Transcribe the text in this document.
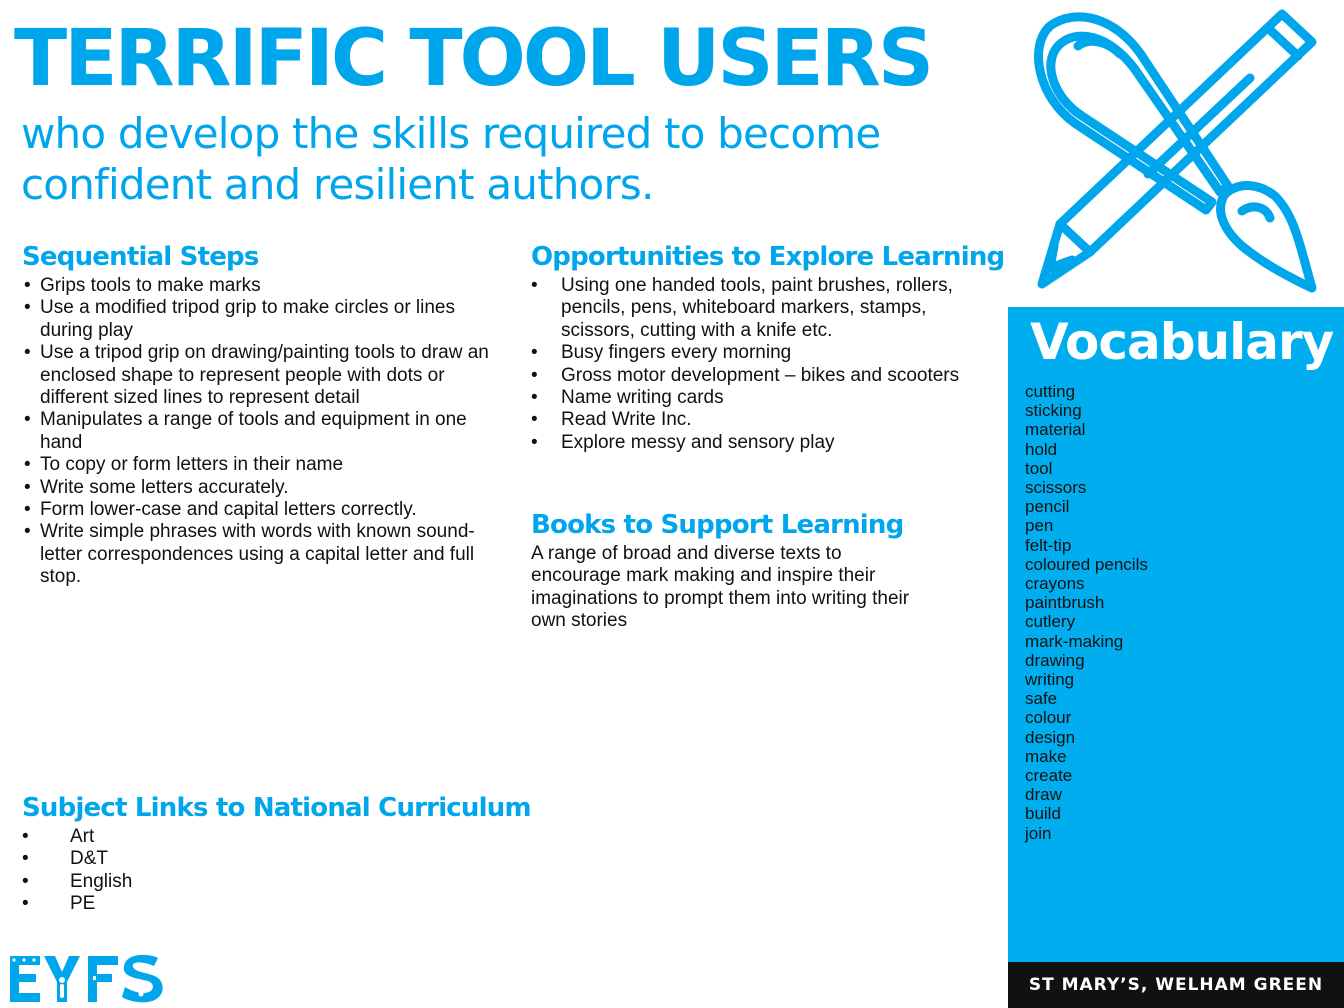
TERRIFIC TOOL USERS
who develop the skills required to become confident and resilient authors.
Sequential Steps
• Grips tools to make marks
• Use a modified tripod grip to make circles or lines during play
• Use a tripod grip on drawing/painting tools to draw an enclosed shape to represent people with dots or different sized lines to represent detail
• Manipulates a range of tools and equipment in one hand
• To copy or form letters in their name
• Write some letters accurately.
• Form lower-case and capital letters correctly.
• Write simple phrases with words with known sound-letter correspondences using a capital letter and full stop.
Opportunities to Explore Learning
• Using one handed tools, paint brushes, rollers, pencils, pens, whiteboard markers, stamps, scissors, cutting with a knife etc.
• Busy fingers every morning
• Gross motor development – bikes and scooters
• Name writing cards
• Read Write Inc.
• Explore messy and sensory play
Books to Support Learning
A range of broad and diverse texts to encourage mark making and inspire their imaginations to prompt them into writing their own stories
Subject Links to National Curriculum
• Art
• D&T
• English
• PE
Vocabulary
cutting
sticking
material
hold
tool
scissors
pencil
pen
felt-tip
coloured pencils
crayons
paintbrush
cutlery
mark-making
drawing
writing
safe
colour
design
make
create
draw
build
join
ST MARY’S, WELHAM GREEN
